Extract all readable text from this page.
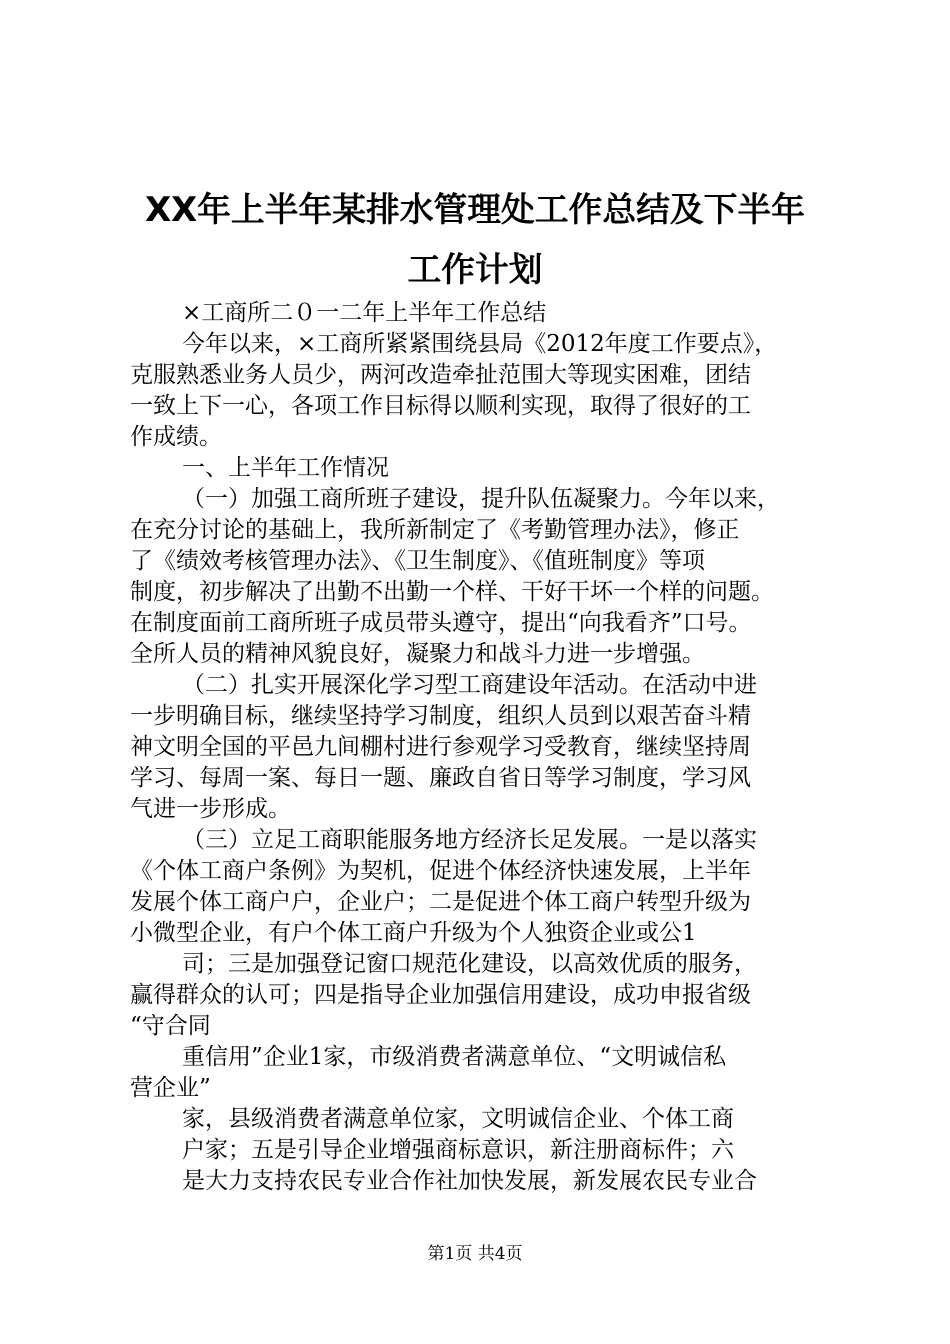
XX年上半年某排水管理处工作总结及下半年
工作计划
×工商所二０一二年上半年工作总结
今年以来，×工商所紧紧围绕县局《2012年度工作要点》，
克服熟悉业务人员少，两河改造牵扯范围大等现实困难，团结
一致上下一心，各项工作目标得以顺利实现，取得了很好的工
作成绩。
一、上半年工作情况
（一）加强工商所班子建设，提升队伍凝聚力。今年以来，
在充分讨论的基础上，我所新制定了《考勤管理办法》，修正
了《绩效考核管理办法》、《卫生制度》、《值班制度》等项
制度，初步解决了出勤不出勤一个样、干好干坏一个样的问题。
在制度面前工商所班子成员带头遵守，提出“向我看齐”口号。
全所人员的精神风貌良好，凝聚力和战斗力进一步增强。
（二）扎实开展深化学习型工商建设年活动。在活动中进
一步明确目标，继续坚持学习制度，组织人员到以艰苦奋斗精
神文明全国的平邑九间棚村进行参观学习受教育，继续坚持周
学习、每周一案、每日一题、廉政自省日等学习制度，学习风
气进一步形成。
（三）立足工商职能服务地方经济长足发展。一是以落实
《个体工商户条例》为契机，促进个体经济快速发展，上半年
发展个体工商户户，企业户；二是促进个体工商户转型升级为
小微型企业，有户个体工商户升级为个人独资企业或公1
司；三是加强登记窗口规范化建设，以高效优质的服务，
赢得群众的认可；四是指导企业加强信用建设，成功申报省级
“守合同
重信用”企业1家，市级消费者满意单位、“文明诚信私
营企业”
家，县级消费者满意单位家，文明诚信企业、个体工商
户家；五是引导企业增强商标意识，新注册商标件；六
是大力支持农民专业合作社加快发展，新发展农民专业合
第1页 共4页
